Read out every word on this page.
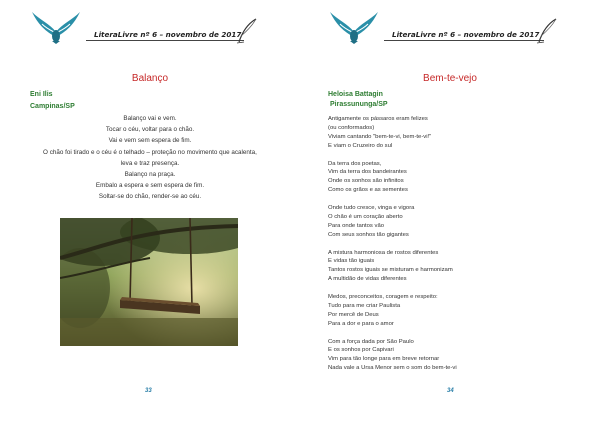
LiteraLivre nº 6 – novembro de 2017
Balanço
Eni Ilis
Campinas/SP
Balanço vai e vem.
Tocar o céu, voltar para o chão.
Vai e vem sem espera de fim.
O chão foi tirado e o céu é o telhado – proteção no movimento que acalenta,
leva e traz presença.
Balanço na praça.
Embalo a espera e sem espera de fim.
Soltar-se do chão, render-se ao céu.
33
LiteraLivre nº 6 – novembro de 2017
Bem-te-vejo
Heloisa Battagin
Pirassununga/SP
34
Antigamente os pássaros eram felizes
(ou conformados)
Viviam cantando "bem-te-vi, bem-te-vi!"
E viam o Cruzeiro do sul
Da terra dos poetas,
Vim da terra dos bandeirantes
Onde os sonhos são infinitos
Como os grãos e as sementes
Onde tudo cresce, vinga e vigora
O chão é um coração aberto
Para onde tantos vão
Com seus sonhos tão gigantes
A mistura harmoniosa de rostos diferentes
E vidas tão iguais
Tantos rostos iguais se misturam e harmonizam
A multidão de vidas diferentes
Medos, preconceitos, coragem e respeito:
Tudo para me criar Paulista
Por mercê de Deus
Para a dor e para o amor
Com a força dada por São Paulo
E os sonhos por Capivari
Vim para tão longe para em breve retornar
Nada vale a Ursa Menor sem o som do bem-te-vi
